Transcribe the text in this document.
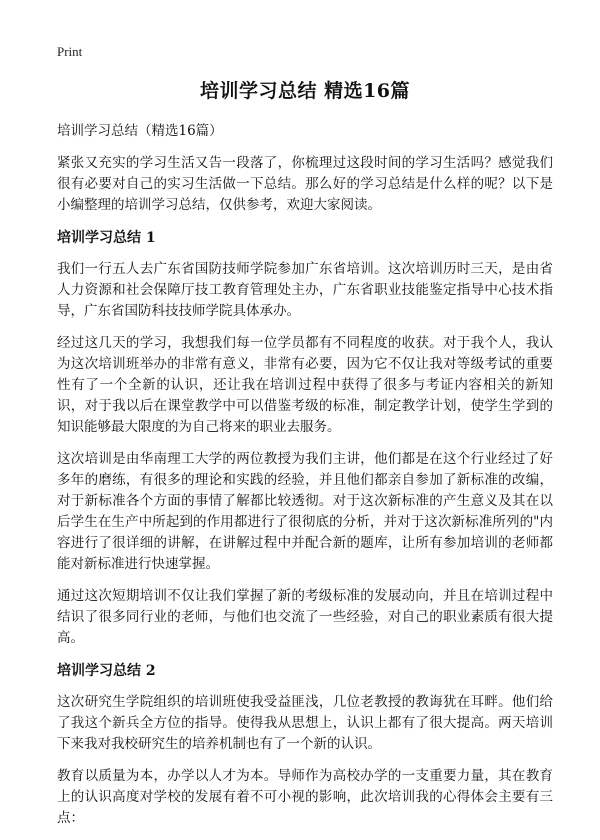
Print
培训学习总结 精选16篇
培训学习总结（精选16篇）

紧张又充实的学习生活又告一段落了，你梳理过这段时间的学习生活吗？感觉我们很有必要对自己的实习生活做一下总结。那么好的学习总结是什么样的呢？以下是小编整理的培训学习总结，仅供参考，欢迎大家阅读。

培训学习总结 1

我们一行五人去广东省国防技师学院参加广东省培训。这次培训历时三天，是由省人力资源和社会保障厅技工教育管理处主办，广东省职业技能鉴定指导中心技术指导，广东省国防科技技师学院具体承办。

经过这几天的学习，我想我们每一位学员都有不同程度的收获。对于我个人，我认为这次培训班举办的非常有意义，非常有必要，因为它不仅让我对等级考试的重要性有了一个全新的认识，还让我在培训过程中获得了很多与考证内容相关的新知识，对于我以后在课堂教学中可以借鉴考级的标准，制定教学计划，使学生学到的知识能够最大限度的为自己将来的职业去服务。

这次培训是由华南理工大学的两位教授为我们主讲，他们都是在这个行业经过了好多年的磨练，有很多的理论和实践的经验，并且他们都亲自参加了新标准的改编，对于新标准各个方面的事情了解都比较透彻。对于这次新标准的产生意义及其在以后学生在生产中所起到的作用都进行了很彻底的分析，并对于这次新标准所列的"内容进行了很详细的讲解，在讲解过程中并配合新的题库，让所有参加培训的老师都能对新标准进行快速掌握。

通过这次短期培训不仅让我们掌握了新的考级标准的发展动向，并且在培训过程中结识了很多同行业的老师，与他们也交流了一些经验，对自己的职业素质有很大提高。

培训学习总结 2

这次研究生学院组织的培训班使我受益匪浅，几位老教授的教诲犹在耳畔。他们给了我这个新兵全方位的指导。使得我从思想上，认识上都有了很大提高。两天培训下来我对我校研究生的培养机制也有了一个新的认识。

教育以质量为本，办学以人才为本。导师作为高校办学的一支重要力量，其在教育上的认识高度对学校的发展有着不可小视的影响，此次培训我的心得体会主要有三点：
